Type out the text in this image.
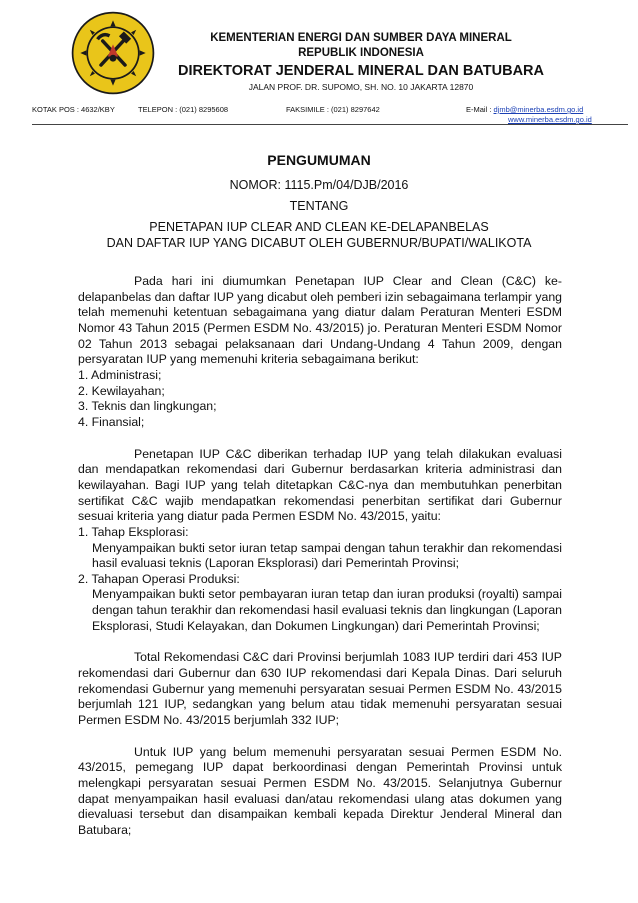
KEMENTERIAN ENERGI DAN SUMBER DAYA MINERAL
REPUBLIK INDONESIA
DIREKTORAT JENDERAL MINERAL DAN BATUBARA
JALAN PROF. DR. SUPOMO, SH. NO. 10 JAKARTA 12870
KOTAK POS : 4632/KBY	TELEPON : (021) 8295608	FAKSIMILE : (021) 8297642	E-Mail : djmb@minerba.esdm.go.id
www.minerba.esdm.go.id
PENGUMUMAN
NOMOR: 1115.Pm/04/DJB/2016
TENTANG
PENETAPAN IUP CLEAR AND CLEAN KE-DELAPANBELAS
DAN DAFTAR IUP YANG DICABUT OLEH GUBERNUR/BUPATI/WALIKOTA

Pada hari ini diumumkan Penetapan IUP Clear and Clean (C&C) ke-delapanbelas dan daftar IUP yang dicabut oleh pemberi izin sebagaimana terlampir yang telah memenuhi ketentuan sebagaimana yang diatur dalam Peraturan Menteri ESDM Nomor 43 Tahun 2015 (Permen ESDM No. 43/2015) jo. Peraturan Menteri ESDM Nomor 02 Tahun 2013 sebagai pelaksanaan dari Undang-Undang 4 Tahun 2009, dengan persyaratan IUP yang memenuhi kriteria sebagaimana berikut:

1. Administrasi;
2. Kewilayahan;
3. Teknis dan lingkungan;
4. Finansial;

Penetapan IUP C&C diberikan terhadap IUP yang telah dilakukan evaluasi dan mendapatkan rekomendasi dari Gubernur berdasarkan kriteria administrasi dan kewilayahan. Bagi IUP yang telah ditetapkan C&C-nya dan membutuhkan penerbitan sertifikat C&C wajib mendapatkan rekomendasi penerbitan sertifikat dari Gubernur sesuai kriteria yang diatur pada Permen ESDM No. 43/2015, yaitu:

1. Tahap Eksplorasi:
Menyampaikan bukti setor iuran tetap sampai dengan tahun terakhir dan rekomendasi hasil evaluasi teknis (Laporan Eksplorasi) dari Pemerintah Provinsi;
2. Tahapan Operasi Produksi:
Menyampaikan bukti setor pembayaran iuran tetap dan iuran produksi (royalti) sampai dengan tahun terakhir dan rekomendasi hasil evaluasi teknis dan lingkungan (Laporan Eksplorasi, Studi Kelayakan, dan Dokumen Lingkungan) dari Pemerintah Provinsi;

Total Rekomendasi C&C dari Provinsi berjumlah 1083 IUP terdiri dari 453 IUP rekomendasi dari Gubernur dan 630 IUP rekomendasi dari Kepala Dinas. Dari seluruh rekomendasi Gubernur yang memenuhi persyaratan sesuai Permen ESDM No. 43/2015 berjumlah 121 IUP, sedangkan yang belum atau tidak memenuhi persyaratan sesuai Permen ESDM No. 43/2015 berjumlah 332 IUP;

Untuk IUP yang belum memenuhi persyaratan sesuai Permen ESDM No. 43/2015, pemegang IUP dapat berkoordinasi dengan Pemerintah Provinsi untuk melengkapi persyaratan sesuai Permen ESDM No. 43/2015. Selanjutnya Gubernur dapat menyampaikan hasil evaluasi dan/atau rekomendasi ulang atas dokumen yang dievaluasi tersebut dan disampaikan kembali kepada Direktur Jenderal Mineral dan Batubara;
